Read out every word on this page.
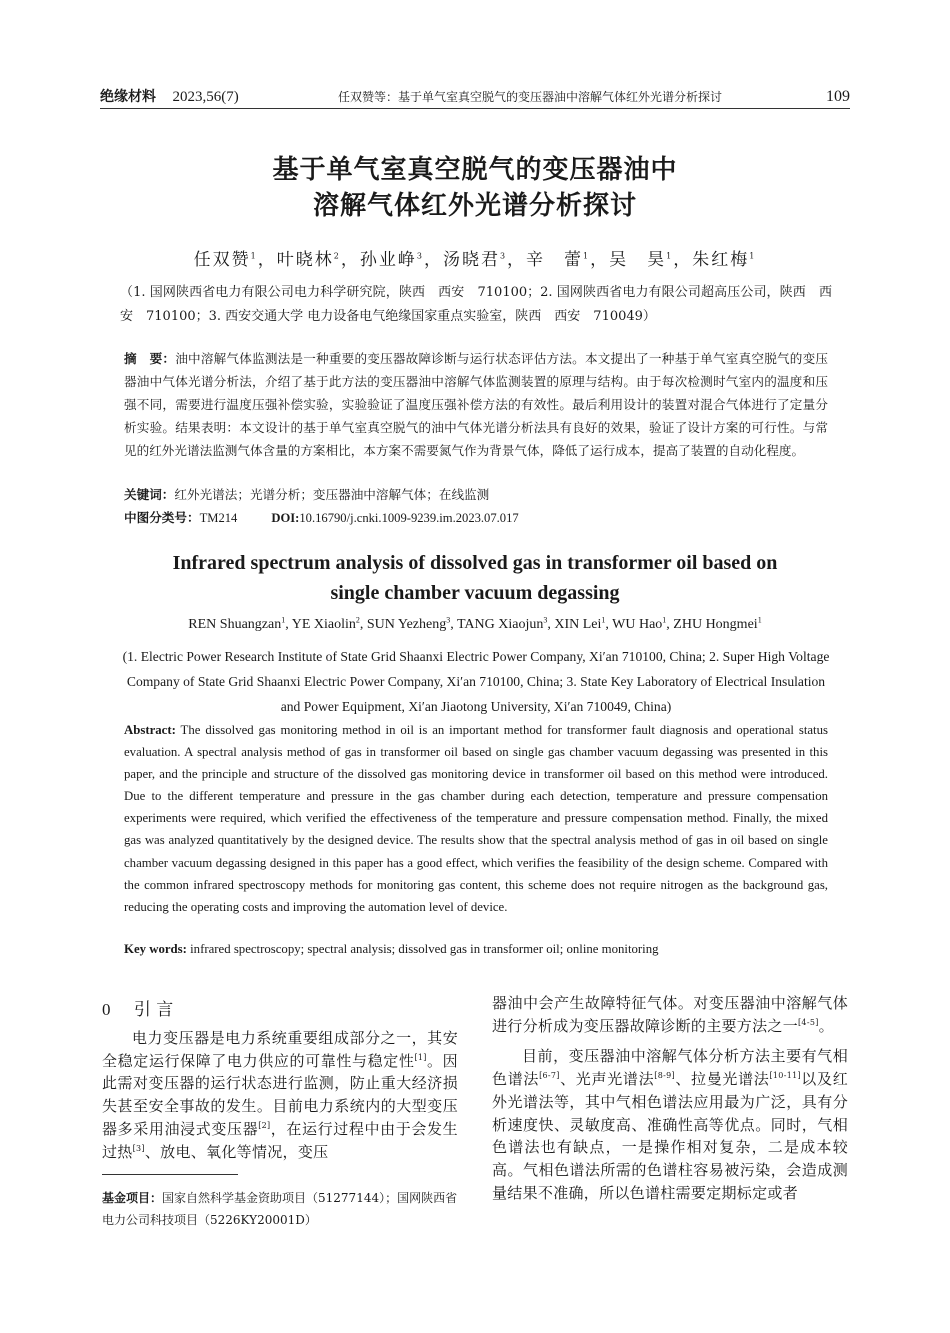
绝缘材料 2023,56(7)	任双赞等：基于单气室真空脱气的变压器油中溶解气体红外光谱分析探讨	109
基于单气室真空脱气的变压器油中
溶解气体红外光谱分析探讨
任双赞$^1$，叶晓林$^2$，孙业峥$^3$，汤晓君$^3$，辛　蕾$^1$，吴　昊$^1$，朱红梅$^1$
（1. 国网陕西省电力有限公司电力科学研究院，陕西　西安　710100；2. 国网陕西省电力有限公司超高压公司，陕西　西安　710100；3. 西安交通大学 电力设备电气绝缘国家重点实验室，陕西　西安　710049）
摘　要：油中溶解气体监测法是一种重要的变压器故障诊断与运行状态评估方法。本文提出了一种基于单气室真空脱气的变压器油中气体光谱分析法，介绍了基于此方法的变压器油中溶解气体监测装置的原理与结构。由于每次检测时气室内的温度和压强不同，需要进行温度压强补偿实验，实验验证了温度压强补偿方法的有效性。最后利用设计的装置对混合气体进行了定量分析实验。结果表明：本文设计的基于单气室真空脱气的油中气体光谱分析法具有良好的效果，验证了设计方案的可行性。与常见的红外光谱法监测气体含量的方案相比，本方案不需要氮气作为背景气体，降低了运行成本，提高了装置的自动化程度。
关键词：红外光谱法；光谱分析；变压器油中溶解气体；在线监测
中图分类号：TM214	DOI:10.16790/j.cnki.1009-9239.im.2023.07.017
Infrared spectrum analysis of dissolved gas in transformer oil based on
single chamber vacuum degassing
REN Shuangzan$^1$, YE Xiaolin$^2$, SUN Yezheng$^3$, TANG Xiaojun$^3$, XIN Lei$^1$, WU Hao$^1$, ZHU Hongmei$^1$
(1. Electric Power Research Institute of State Grid Shaanxi Electric Power Company, Xi′an 710100, China; 2. Super High Voltage Company of State Grid Shaanxi Electric Power Company, Xi′an 710100, China; 3. State Key Laboratory of Electrical Insulation and Power Equipment, Xi′an Jiaotong University, Xi′an 710049, China)
Abstract: The dissolved gas monitoring method in oil is an important method for transformer fault diagnosis and operational status evaluation. A spectral analysis method of gas in transformer oil based on single gas chamber vacuum degassing was presented in this paper, and the principle and structure of the dissolved gas monitoring device in transformer oil based on this method were introduced. Due to the different temperature and pressure in the gas chamber during each detection, temperature and pressure compensation experiments were required, which verified the effectiveness of the temperature and pressure compensation method. Finally, the mixed gas was analyzed quantitatively by the designed device. The results show that the spectral analysis method of gas in oil based on single chamber vacuum degassing designed in this paper has a good effect, which verifies the feasibility of the design scheme. Compared with the common infrared spectroscopy methods for monitoring gas content, this scheme does not require nitrogen as the background gas, reducing the operating costs and improving the automation level of device.
Key words: infrared spectroscopy; spectral analysis; dissolved gas in transformer oil; online monitoring
0 引 言

电力变压器是电力系统重要组成部分之一，其安全稳定运行保障了电力供应的可靠性与稳定性[1]。因此需对变压器的运行状态进行监测，防止重大经济损失甚至安全事故的发生。目前电力系统内的大型变压器多采用油浸式变压器[2]，在运行过程中由于会发生过热[3]、放电、氧化等情况，变压

基金项目：国家自然科学基金资助项目（51277144）；国网陕西省电力公司科技项目（5226KY20001D）

器油中会产生故障特征气体。对变压器油中溶解气体进行分析成为变压器故障诊断的主要方法之一[4-5]。

目前，变压器油中溶解气体分析方法主要有气相色谱法[6-7]、光声光谱法[8-9]、拉曼光谱法[10-11]以及红外光谱法等，其中气相色谱法应用最为广泛，具有分析速度快、灵敏度高、准确性高等优点。同时，气相色谱法也有缺点，一是操作相对复杂，二是成本较高。气相色谱法所需的色谱柱容易被污染，会造成测量结果不准确，所以色谱柱需要定期标定或者
